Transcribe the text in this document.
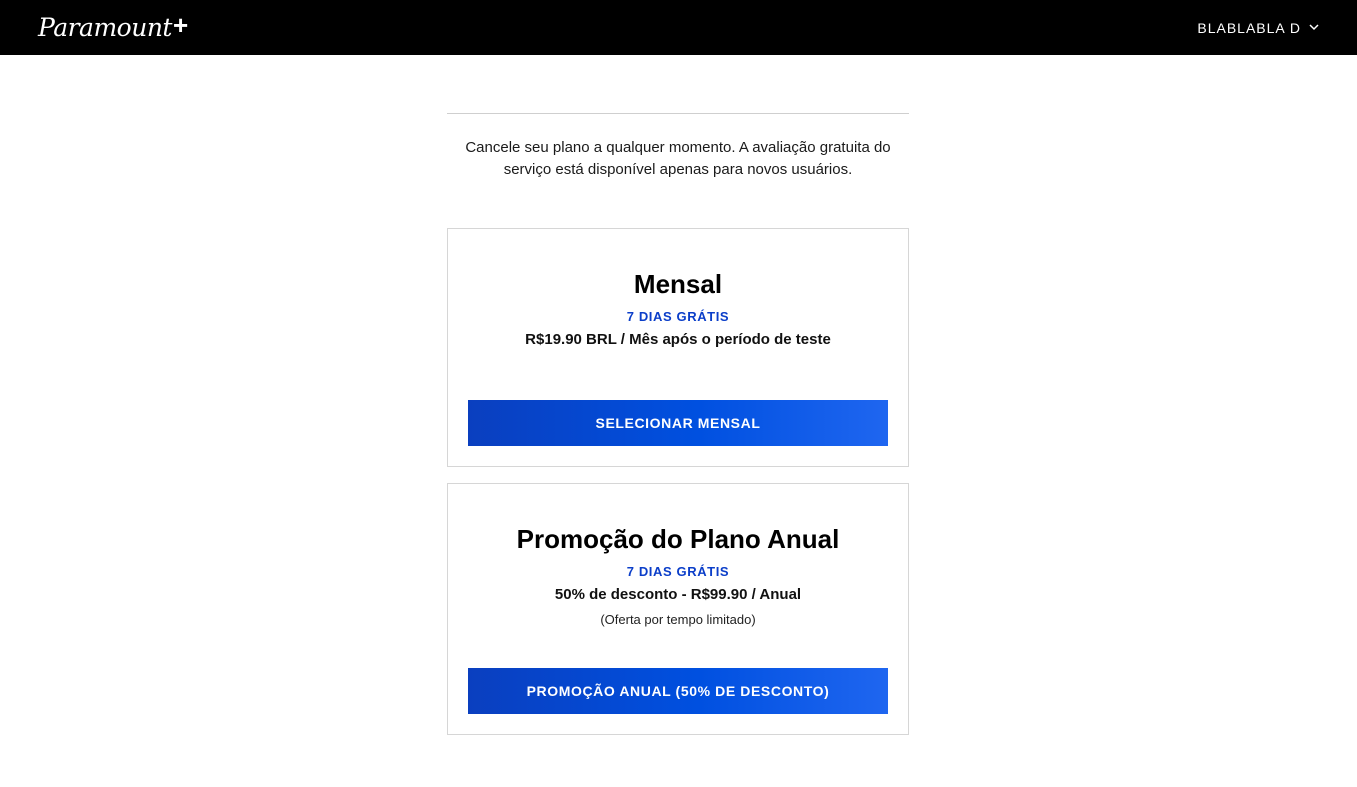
Paramount +	BLABLABLA D

Cancele seu plano a qualquer momento. A avaliação gratuita do serviço está disponível apenas para novos usuários.

Mensal
7 DIAS GRÁTIS
R$19.90 BRL / Mês após o período de teste
SELECIONAR MENSAL
Promoção do Plano Anual
7 DIAS GRÁTIS
50% de desconto - R$99.90 / Anual
(Oferta por tempo limitado)
PROMOÇÃO ANUAL (50% DE DESCONTO)
